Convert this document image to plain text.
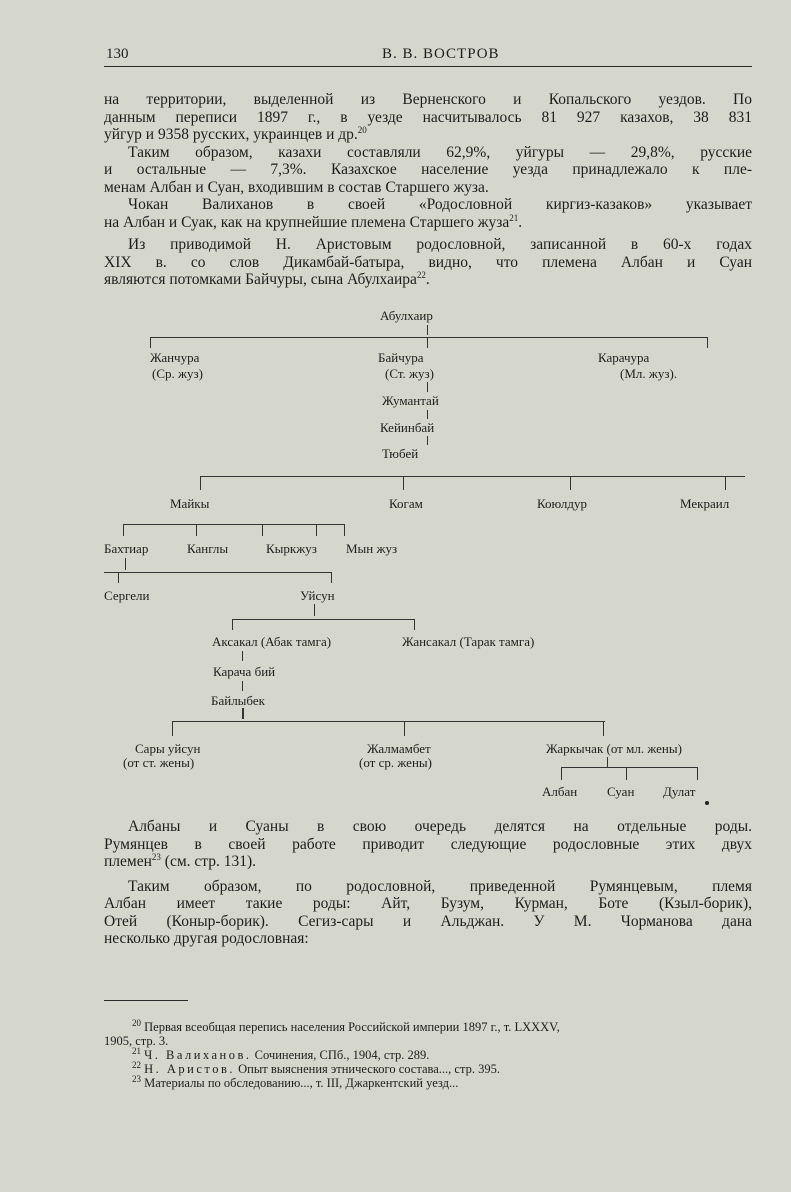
130	В. В. ВОСТРОВ
на территории, выделенной из Верненского и Копальского уездов. По
данным переписи 1897 г., в уезде насчитывалось 81 927 казахов, 38 831
уйгур и 9358 русских, украинцев и др.$^{20}$
Таким образом, казахи составляли 62,9%, уйгуры — 29,8%, русские
и остальные — 7,3%. Казахское население уезда принадлежало к пле-
менам Албан и Суан, входившим в состав Старшего жуза.
Чокан Валиханов в своей «Родословной киргиз-казаков» указывает
на Албан и Суак, как на крупнейшие племена Старшего жуза$^{21}$.
Из приводимой Н. Аристовым родословной, записанной в 60-х годах
XIX в. со слов Дикамбай-батыра, видно, что племена Албан и Суан
являются потомками Байчуры, сына Абулхаира$^{22}$.
Абулхаир
Жанчура
(Ср. жуз)
Байчура
(Ст. жуз)
Карачура
(Мл. жуз).
Жумантай
Кейинбай
Тюбей
Майкы	Когам	Коюлдур	Мекраил
Бахтиар	Канглы	Кыркжуз Мын жуз
Сергели	Уйсун
Аксакал (Абак тамга)	Жансакал (Тарак тамга)
Карача бий
Байлыбек
Сары уйсун
(от ст. жены)
Жалмамбет
(от ср. жены)
Жаркычак (от мл. жены)
Албан Суан Дулат
Албаны и Суаны в свою очередь делятся на отдельные роды.
Румянцев в своей работе приводит следующие родословные этих двух
племен$^{23}$ (см. стр. 131).
Таким образом, по родословной, приведенной Румянцевым, племя
Албан имеет такие роды: Айт, Бузум, Курман, Боте (Кзыл-борик),
Отей (Коныр-борик). Сегиз-сары и Альджан. У М. Чорманова дана
несколько другая родословная:
$^{20}$ Первая всеобщая перепись населения Российской империи 1897 г., т. LXXXV,
1905, стр. 3.
$^{21}$ Ч. Валиханов. Сочинения, СПб., 1904, стр. 289.
$^{22}$ Н. Аристов. Опыт выяснения этнического состава..., стр. 395.
$^{23}$ Материалы по обследованию..., т. III, Джаркентский уезд...
